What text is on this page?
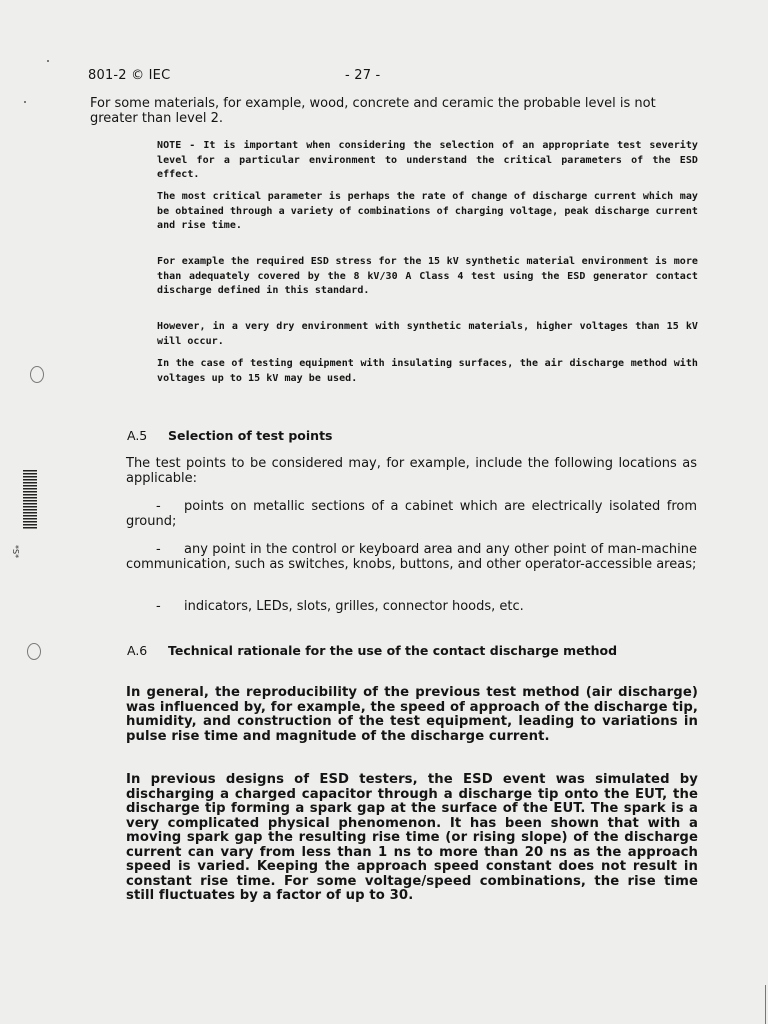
801-2 © IEC	- 27 -
For some materials, for example, wood, concrete and ceramic the probable level is not greater than level 2.
NOTE - It is important when considering the selection of an appropriate test severity level for a particular environment to understand the critical parameters of the ESD effect.
The most critical parameter is perhaps the rate of change of discharge current which may be obtained through a variety of combinations of charging voltage, peak discharge current and rise time.
For example the required ESD stress for the 15 kV synthetic material environment is more than adequately covered by the 8 kV/30 A Class 4 test using the ESD generator contact discharge defined in this standard.
However, in a very dry environment with synthetic materials, higher voltages than 15 kV will occur.
In the case of testing equipment with insulating surfaces, the air discharge method with voltages up to 15 kV may be used.
A.5 Selection of test points
The test points to be considered may, for example, include the following locations as applicable:
-	points on metallic sections of a cabinet which are electrically isolated from ground;
-	any point in the control or keyboard area and any other point of man-machine communication, such as switches, knobs, buttons, and other operator-accessible areas;
-	indicators, LEDs, slots, grilles, connector hoods, etc.
A.6 Technical rationale for the use of the contact discharge method
In general, the reproducibility of the previous test method (air discharge) was influenced by, for example, the speed of approach of the discharge tip, humidity, and construction of the test equipment, leading to variations in pulse rise time and magnitude of the discharge current.
In previous designs of ESD testers, the ESD event was simulated by discharging a charged capacitor through a discharge tip onto the EUT, the discharge tip forming a spark gap at the surface of the EUT. The spark is a very complicated physical phenomenon. It has been shown that with a moving spark gap the resulting rise time (or rising slope) of the discharge current can vary from less than 1 ns to more than 20 ns as the approach speed is varied. Keeping the approach speed constant does not result in constant rise time. For some voltage/speed combinations, the rise time still fluctuates by a factor of up to 30.
*S*
